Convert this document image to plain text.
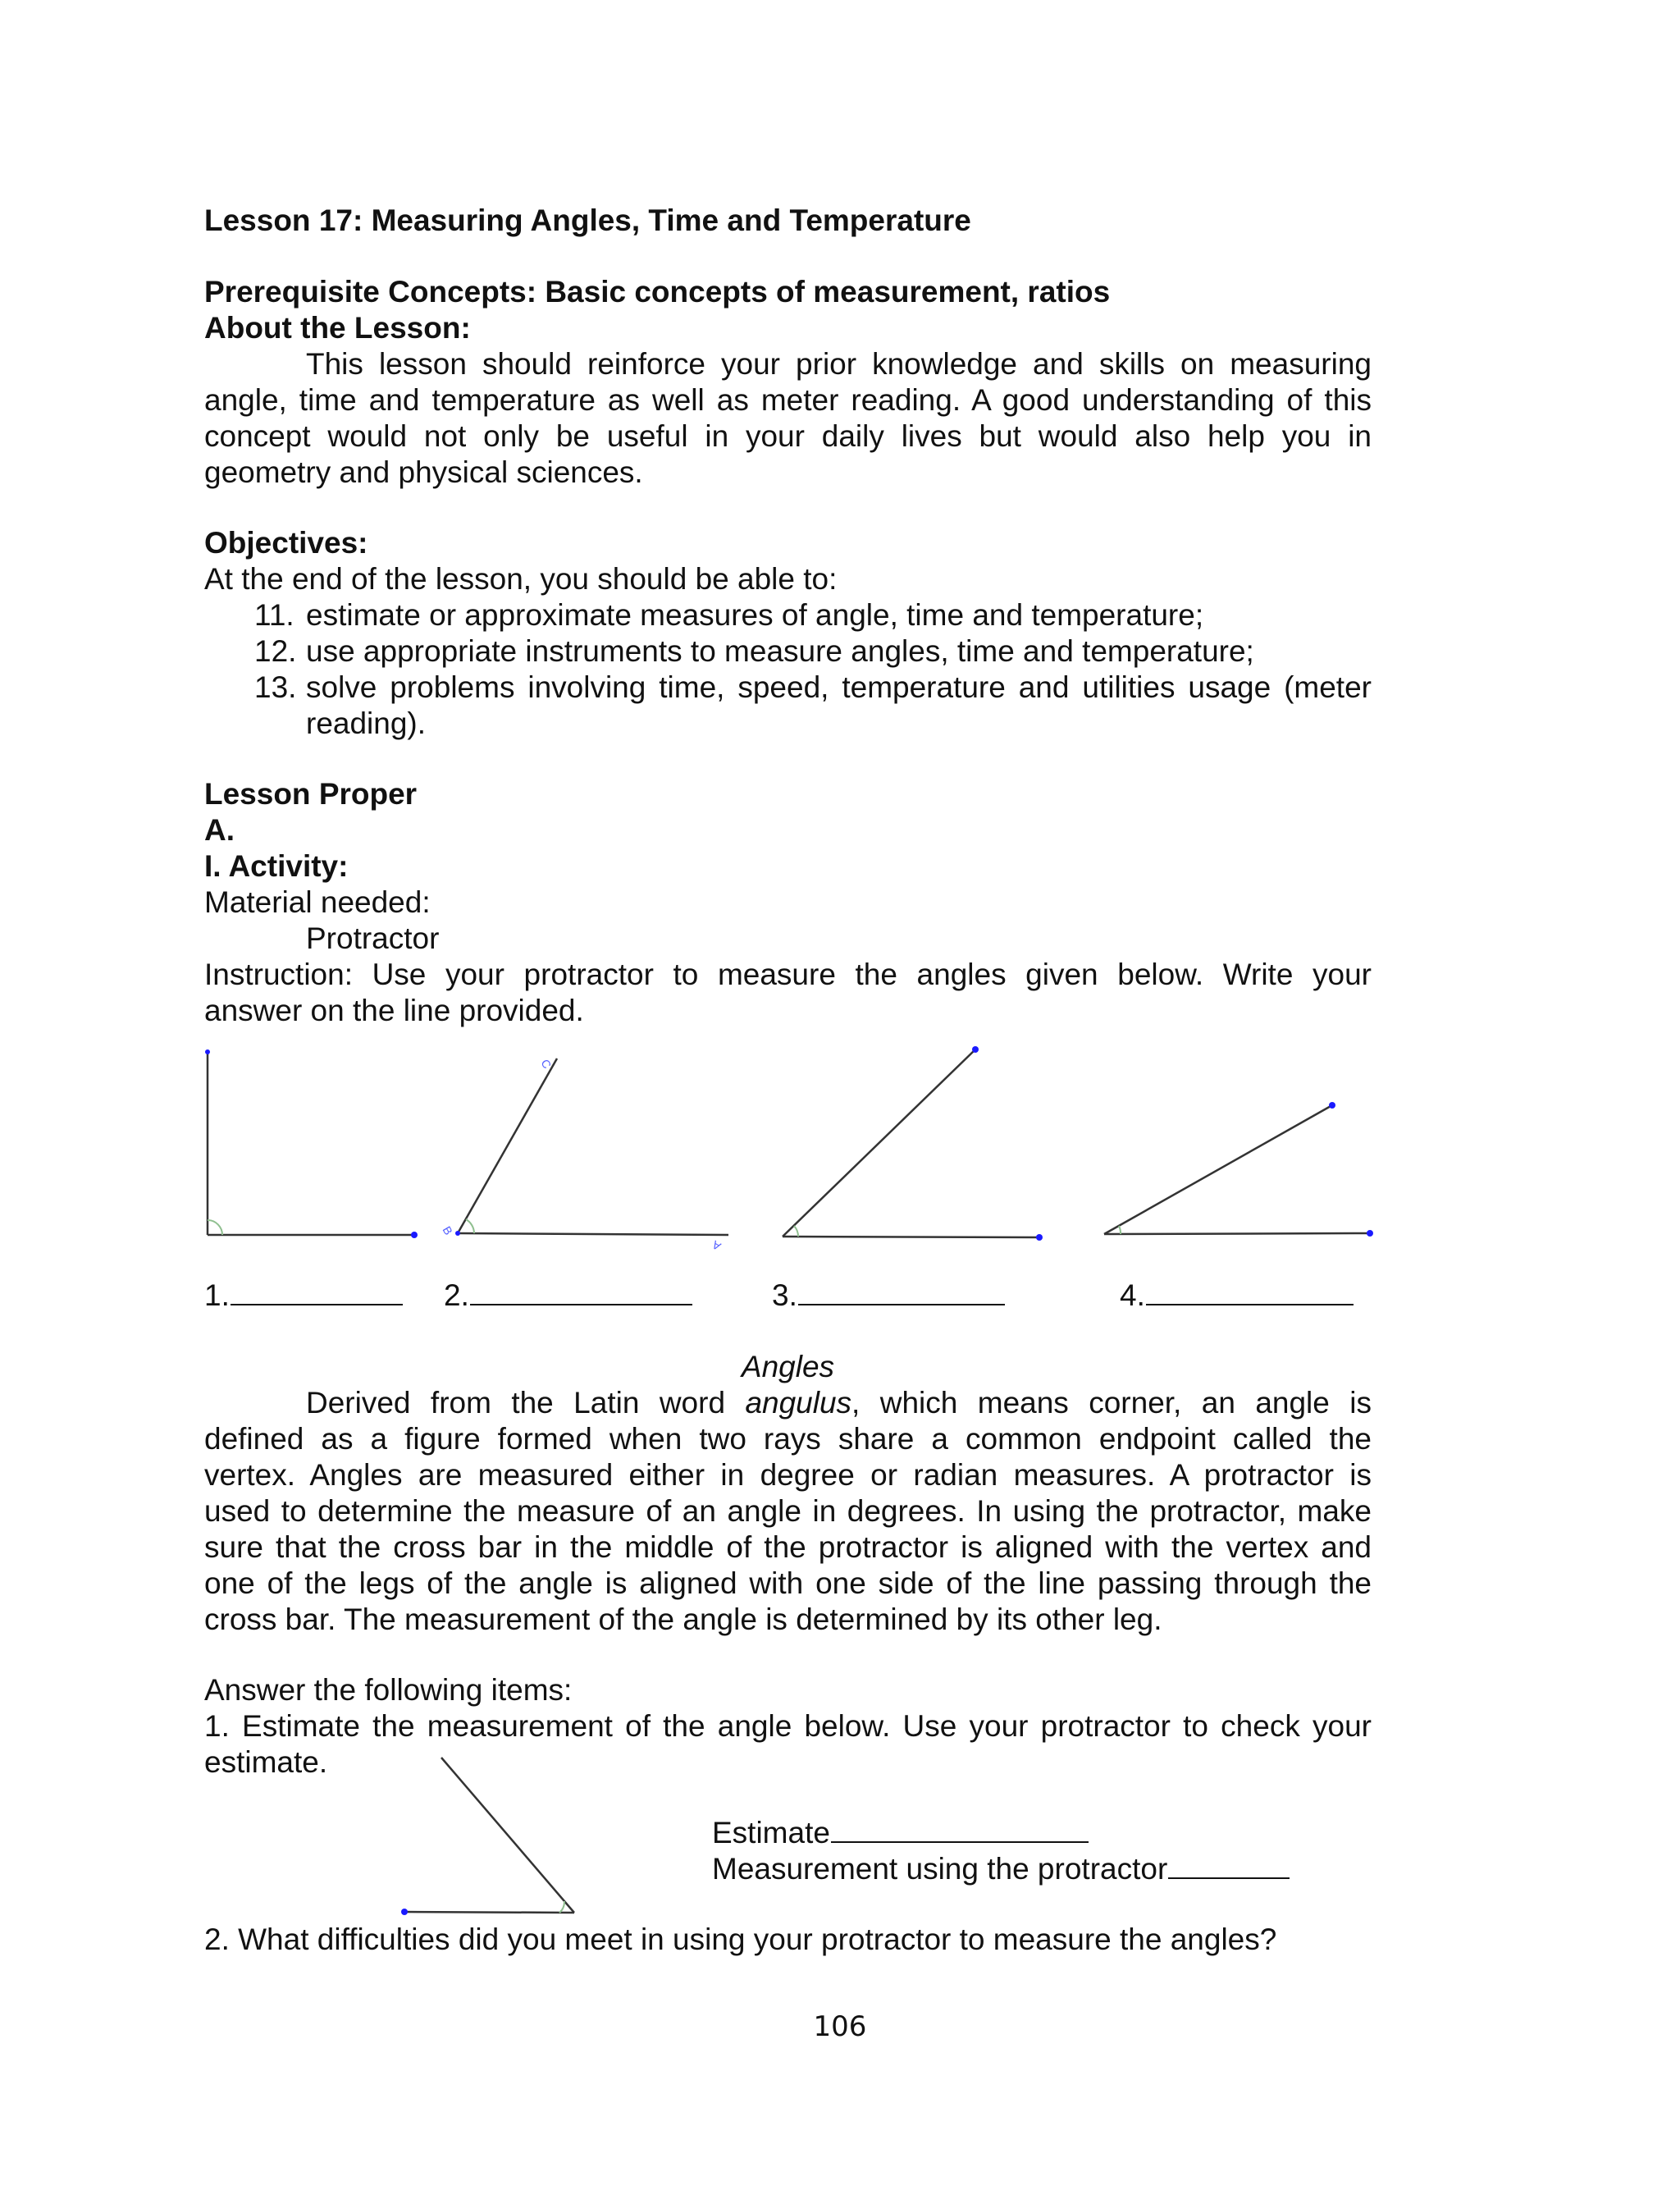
Lesson 17: Measuring Angles, Time and Temperature
Prerequisite Concepts: Basic concepts of measurement, ratios
About the Lesson:
This lesson should reinforce your prior knowledge and skills on measuring
angle, time and temperature as well as meter reading. A good understanding of this
concept would not only be useful in your daily lives but would also help you in
geometry and physical sciences.
Objectives:
At the end of the lesson, you should be able to:
11. estimate or approximate measures of angle, time and temperature;
12. use appropriate instruments to measure angles, time and temperature;
13. solve problems involving time, speed, temperature and utilities usage (meter
reading).
Lesson Proper
A.
I. Activity:
Material needed:
Protractor
Instruction: Use your protractor to measure the angles given below. Write your
answer on the line provided.
C
B
A
1.	2.	3.	4.
Angles
Derived from the Latin word angulus, which means corner, an angle is
defined as a figure formed when two rays share a common endpoint called the
vertex. Angles are measured either in degree or radian measures. A protractor is
used to determine the measure of an angle in degrees. In using the protractor, make
sure that the cross bar in the middle of the protractor is aligned with the vertex and
one of the legs of the angle is aligned with one side of the line passing through the
cross bar. The measurement of the angle is determined by its other leg.
Answer the following items:
1. Estimate the measurement of the angle below. Use your protractor to check your
estimate.
Estimate
Measurement using the protractor
2. What difficulties did you meet in using your protractor to measure the angles?
106
